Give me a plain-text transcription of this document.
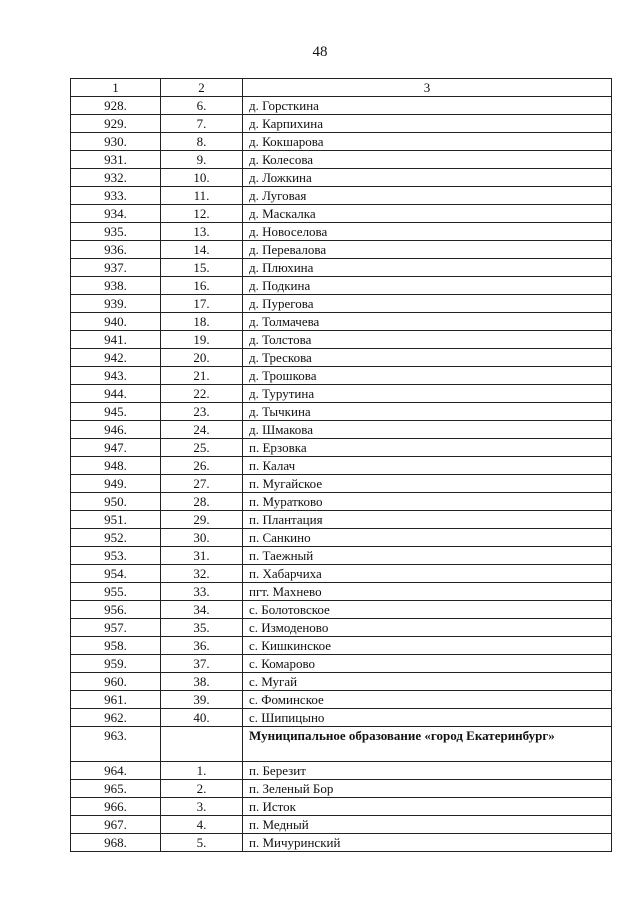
48
1	2	3
928.	6.	д. Горсткина
929.	7.	д. Карпихина
930.	8.	д. Кокшарова
931.	9.	д. Колесова
932.	10.	д. Ложкина
933.	11.	д. Луговая
934.	12.	д. Маскалка
935.	13.	д. Новоселова
936.	14.	д. Перевалова
937.	15.	д. Плюхина
938.	16.	д. Подкина
939.	17.	д. Пурегова
940.	18.	д. Толмачева
941.	19.	д. Толстова
942.	20.	д. Трескова
943.	21.	д. Трошкова
944.	22.	д. Турутина
945.	23.	д. Тычкина
946.	24.	д. Шмакова
947.	25.	п. Ерзовка
948.	26.	п. Калач
949.	27.	п. Мугайское
950.	28.	п. Муратково
951.	29.	п. Плантация
952.	30.	п. Санкино
953.	31.	п. Таежный
954.	32.	п. Хабарчиха
955.	33.	пгт. Махнево
956.	34.	с. Болотовское
957.	35.	с. Измоденово
958.	36.	с. Кишкинское
959.	37.	с. Комарово
960.	38.	с. Мугай
961.	39.	с. Фоминское
962.	40.	с. Шипицыно
963.		Муниципальное образование «город Екатеринбург»
964.	1.	п. Березит
965.	2.	п. Зеленый Бор
966.	3.	п. Исток
967.	4.	п. Медный
968.	5.	п. Мичуринский
